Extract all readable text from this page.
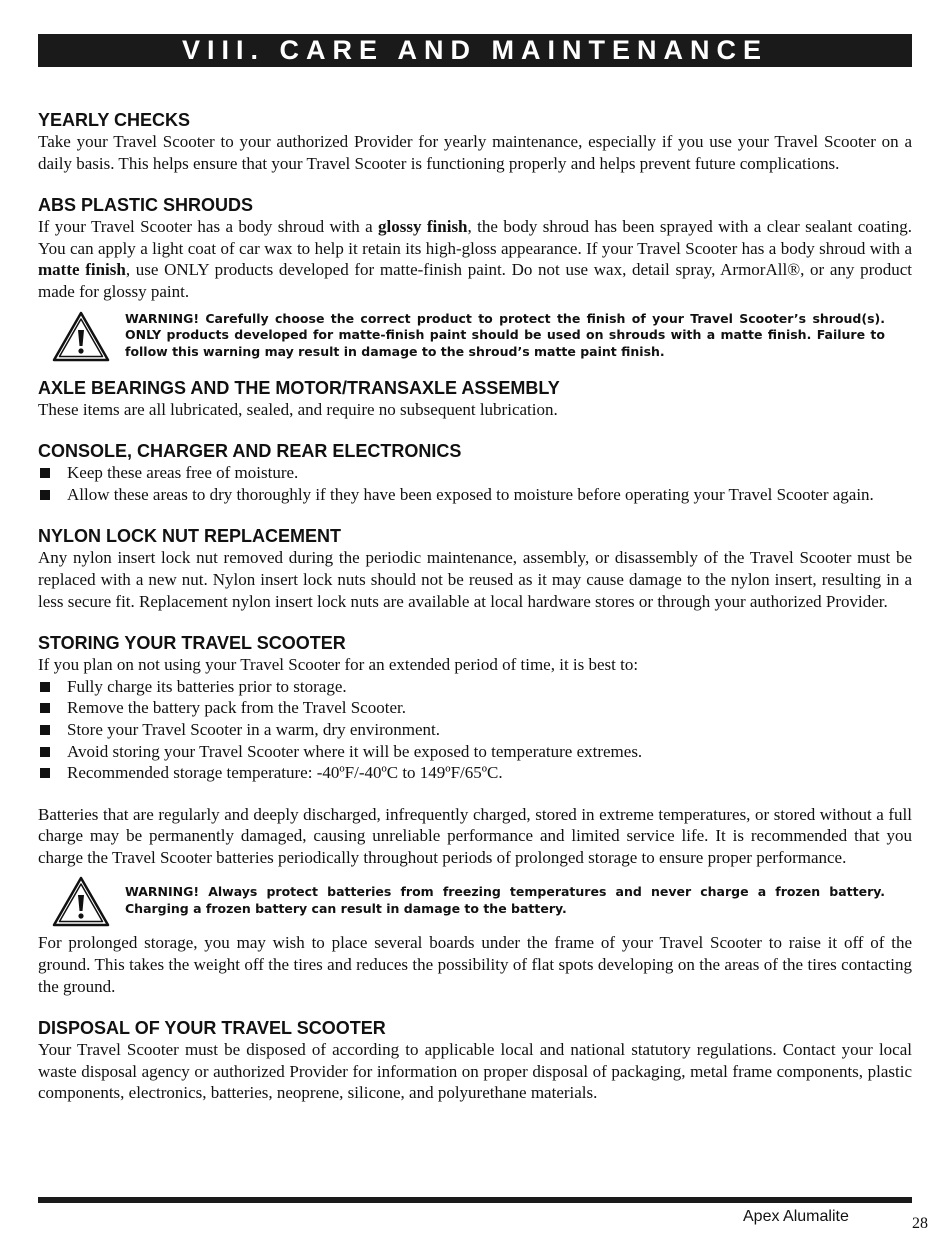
VIII. CARE AND MAINTENANCE
YEARLY CHECKS

Take your Travel Scooter to your authorized Provider for yearly maintenance, especially if you use your Travel Scooter on a daily basis. This helps ensure that your Travel Scooter is functioning properly and helps prevent future complications.

ABS PLASTIC SHROUDS

If your Travel Scooter has a body shroud with a glossy finish, the body shroud has been sprayed with a clear sealant coating. You can apply a light coat of car wax to help it retain its high-gloss appearance. If your Travel Scooter has a body shroud with a matte finish, use ONLY products developed for matte-finish paint. Do not use wax, detail spray, ArmorAll®, or any product made for glossy paint.

WARNING! Carefully choose the correct product to protect the finish of your Travel Scooter’s shroud(s). ONLY products developed for matte-finish paint should be used on shrouds with a matte finish. Failure to follow this warning may result in damage to the shroud’s matte paint finish.
AXLE BEARINGS AND THE MOTOR/TRANSAXLE ASSEMBLY

These items are all lubricated, sealed, and require no subsequent lubrication.

CONSOLE, CHARGER AND REAR ELECTRONICS
Keep these areas free of moisture.
Allow these areas to dry thoroughly if they have been exposed to moisture before operating your Travel Scooter again.
NYLON LOCK NUT REPLACEMENT

Any nylon insert lock nut removed during the periodic maintenance, assembly, or disassembly of the Travel Scooter must be replaced with a new nut. Nylon insert lock nuts should not be reused as it may cause damage to the nylon insert, resulting in a less secure fit. Replacement nylon insert lock nuts are available at local hardware stores or through your authorized Provider.

STORING YOUR TRAVEL SCOOTER

If you plan on not using your Travel Scooter for an extended period of time, it is best to:

Fully charge its batteries prior to storage.
Remove the battery pack from the Travel Scooter.
Store your Travel Scooter in a warm, dry environment.
Avoid storing your Travel Scooter where it will be exposed to temperature extremes.
Recommended storage temperature: -40ºF/-40ºC to 149ºF/65ºC.

Batteries that are regularly and deeply discharged, infrequently charged, stored in extreme temperatures, or stored without a full charge may be permanently damaged, causing unreliable performance and limited service life. It is recommended that you charge the Travel Scooter batteries periodically throughout periods of prolonged storage to ensure proper performance.

WARNING! Always protect batteries from freezing temperatures and never charge a frozen battery. Charging a frozen battery can result in damage to the battery.

For prolonged storage, you may wish to place several boards under the frame of your Travel Scooter to raise it off of the ground. This takes the weight off the tires and reduces the possibility of flat spots developing on the areas of the tires contacting the ground.

DISPOSAL OF YOUR TRAVEL SCOOTER

Your Travel Scooter must be disposed of according to applicable local and national statutory regulations. Contact your local waste disposal agency or authorized Provider for information on proper disposal of packaging, metal frame components, plastic components, electronics, batteries, neoprene, silicone, and polyurethane materials.

Apex Alumalite	28
